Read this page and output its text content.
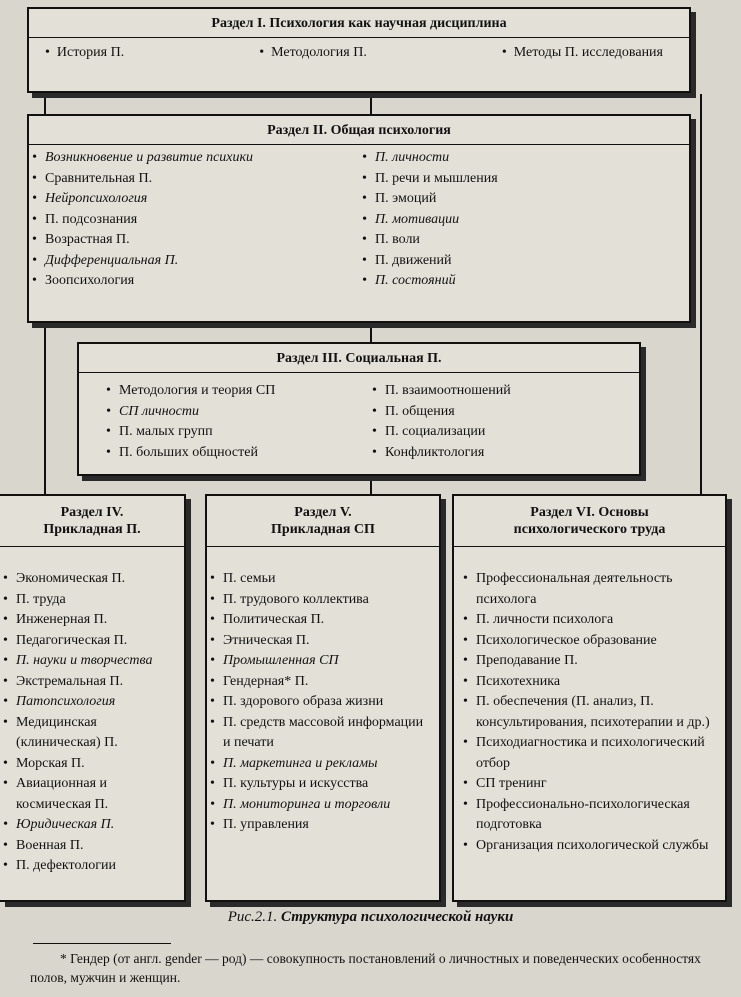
Раздел I. Психология как научная дисциплина
•  История П.	•  Методология П.	•  Методы П. исследования
Раздел II. Общая психология
• Возникновение и развитие психики
• Сравнительная П.
• Нейропсихология
• П. подсознания
• Возрастная П.
• Дифференциальная П.
• Зоопсихология
• П. личности
• П. речи и мышления
• П. эмоций
• П. мотивации
• П. воли
• П. движений
• П. состояний
Раздел III. Социальная П.
• Методология и теория СП
• СП личности
• П. малых групп
• П. больших общностей
• П. взаимоотношений
• П. общения
• П. социализации
• Конфликтология
Раздел IV.
Прикладная П.
• Экономическая П.
• П. труда
• Инженерная П.
• Педагогическая П.
• П. науки и творчества
• Экстремальная П.
• Патопсихология
• Медицинская (клиническая) П.
• Морская П.
• Авиационная и космическая П.
• Юридическая П.
• Военная П.
• П. дефектологии
Раздел V.
Прикладная СП
• П. семьи
• П. трудового коллектива
• Политическая П.
• Этническая П.
• Промышленная СП
• Гендерная* П.
• П. здорового образа жизни
• П. средств массовой информации и печати
• П. маркетинга и рекламы
• П. культуры и искусства
• П. мониторинга и торговли
• П. управления
Раздел VI. Основы
психологического труда
• Профессиональная деятельность психолога
• П. личности психолога
• Психологическое образование
• Преподавание П.
• Психотехника
• П. обеспечения (П. анализ, П. консультирования, психотерапии и др.)
• Психодиагностика и психологический отбор
• СП тренинг
• Профессионально-психологическая подготовка
• Организация психологической службы
Рис.2.1. Структура психологической науки
* Гендер (от англ. gender — род) — совокупность постановлений о личностных и поведенческих особенностях полов, мужчин и женщин.
